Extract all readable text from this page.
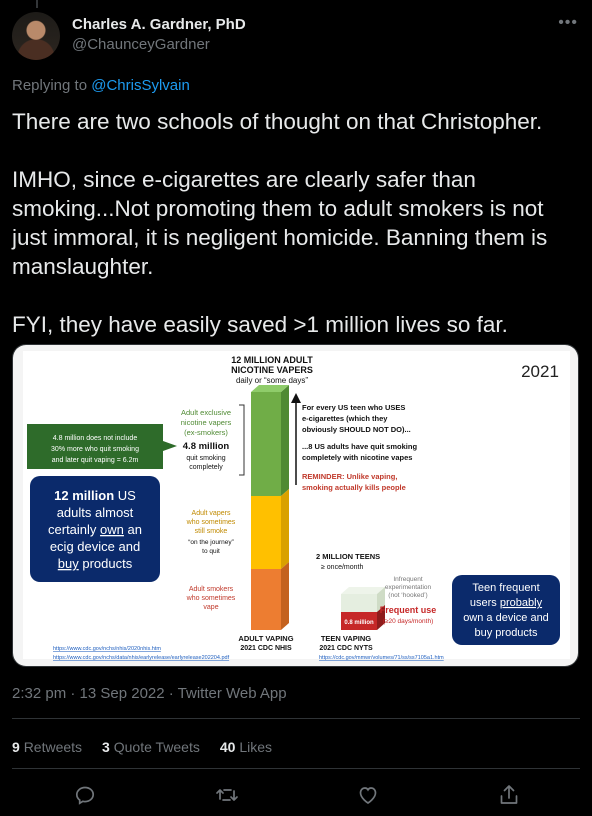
Charles A. Gardner, PhD
@ChaunceyGardner
•••
Replying to @ChrisSylvain

There are two schools of thought on that Christopher.

IMHO, since e-cigarettes are clearly safer than smoking...Not promoting them to adult smokers is not just immoral, it is negligent homicide. Banning them is manslaughter.

FYI, they have easily saved >1 million lives so far.

12 MILLION ADULT
NICOTINE VAPERS
daily or “some days”	2021
4.8 million does not include
30% more who quit smoking
and later quit vaping = 6.2m
12 million US
adults almost
certainly own an
ecig device and
buy products
Adult exclusive
nicotine vapers
(ex-smokers)
4.8 million
quit smoking
completely
Adult vapers
who sometimes
still smoke
“on the journey”
to quit
Adult smokers
who sometimes
vape
For every US teen who USES
e-cigarettes (which they
obviously SHOULD NOT DO)...
...8 US adults have quit smoking
completely with nicotine vapes
REMINDER: Unlike vaping,
smoking actually kills people
2 MILLION TEENS
≥ once/month
0.8 million
Infrequent
experimentation
(not ‘hooked’)
Frequent use
(≥20 days/month)
Teen frequent
users probably
own a device and
buy products
ADULT VAPING
2021 CDC NHIS
TEEN VAPING
2021 CDC NYTS
https://www.cdc.gov/nchs/nhis/2020nhis.htm
https://www.cdc.gov/nchs/data/nhis/earlyrelease/earlyrelease202204.pdf	https://cdc.gov/mmwr/volumes/71/ss/ss7105a1.htm
2:32 pm · 13 Sep 2022 · Twitter Web App
9 Retweets 3 Quote Tweets 40 Likes
